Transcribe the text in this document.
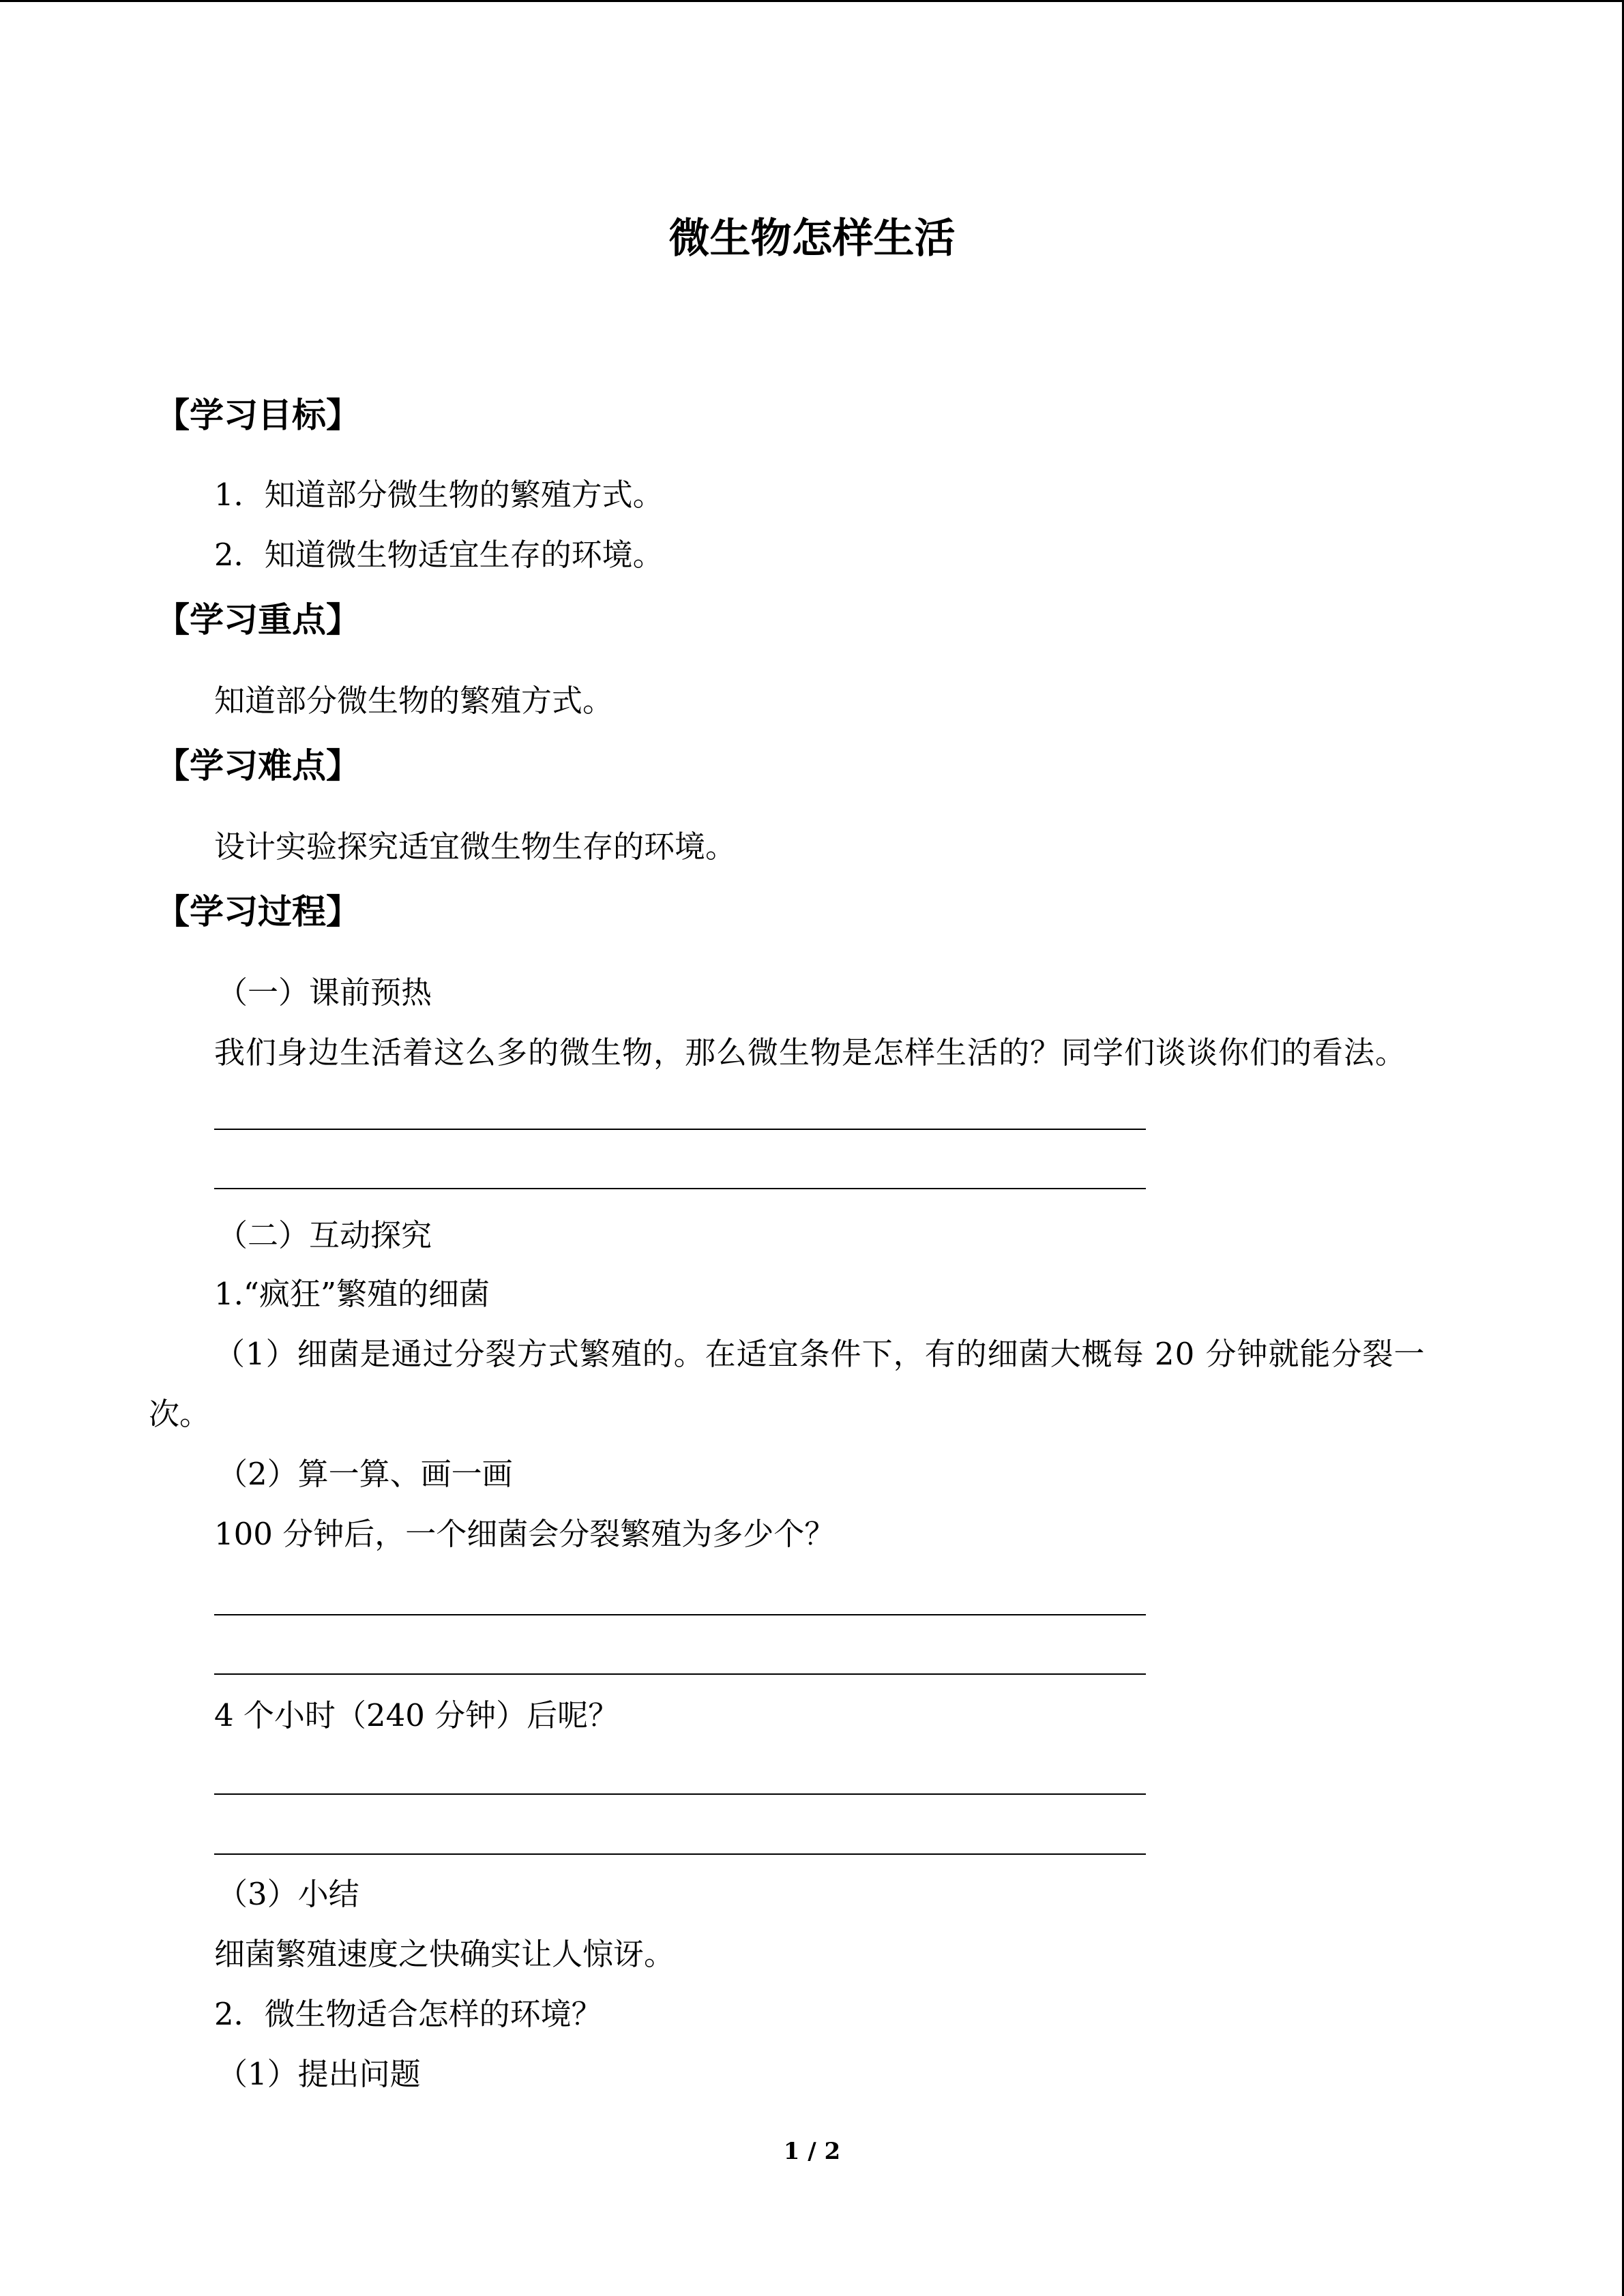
微生物怎样生活
【学习目标】
1．知道部分微生物的繁殖方式。
2．知道微生物适宜生存的环境。
【学习重点】
知道部分微生物的繁殖方式。
【学习难点】
设计实验探究适宜微生物生存的环境。
【学习过程】
（一）课前预热
我们身边生活着这么多的微生物，那么微生物是怎样生活的？同学们谈谈你们的看法。
（二）互动探究
1.“疯狂”繁殖的细菌
（1）细菌是通过分裂方式繁殖的。在适宜条件下，有的细菌大概每 20 分钟就能分裂一
次。
（2）算一算、画一画
100 分钟后，一个细菌会分裂繁殖为多少个？
4 个小时（240 分钟）后呢？
（3）小结
细菌繁殖速度之快确实让人惊讶。
2．微生物适合怎样的环境？
（1）提出问题
1 / 2
